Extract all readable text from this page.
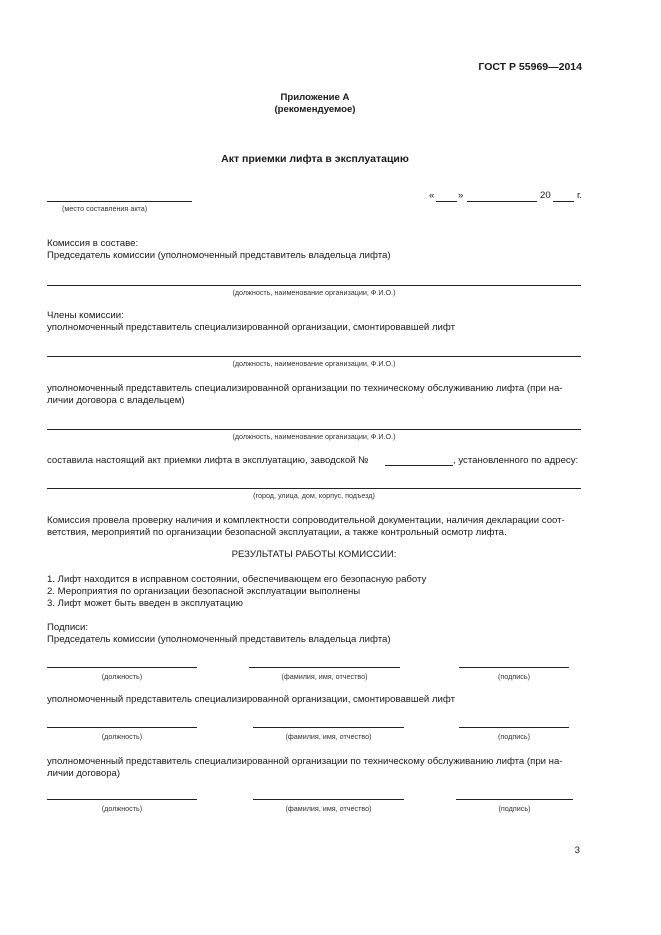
ГОСТ Р 55969—2014
Приложение А
(рекомендуемое)
Акт приемки лифта в эксплуатацию
(место составления акта)
« »	20	г.
Комиссия в составе:
Председатель комиссии (уполномоченный представитель владельца лифта)
(должность, наименование организации, Ф.И.О.)
Члены комиссии:
уполномоченный представитель специализированной организации, смонтировавшей лифт
(должность, наименование организации, Ф.И.О.)
уполномоченный представитель специализированной организации по техническому обслуживанию лифта (при на-
личии договора с владельцем)
(должность, наименование организации, Ф.И.О.)
составила настоящий акт приемки лифта в эксплуатацию, заводской №	, установленного по адресу:
(город, улица, дом, корпус, подъезд)
Комиссия провела проверку наличия и комплектности сопроводительной документации, наличия декларации соот-
ветствия, мероприятий по организации безопасной эксплуатации, а также контрольный осмотр лифта.
РЕЗУЛЬТАТЫ РАБОТЫ КОМИССИИ:
1. Лифт находится в исправном состоянии, обеспечивающем его безопасную работу
2. Мероприятия по организации безопасной эксплуатации выполнены
3. Лифт может быть введен в эксплуатацию
Подписи:
Председатель комиссии (уполномоченный представитель владельца лифта)
(должность)	(фамилия, имя, отчество)	(подпись)
уполномоченный представитель специализированной организации, смонтировавшей лифт
(должность)	(фамилия, имя, отчество)	(подпись)
уполномоченный представитель специализированной организации по техническому обслуживанию лифта (при на-
личии договора)
(должность)	(фамилия, имя, отчество)	(подпись)
3
